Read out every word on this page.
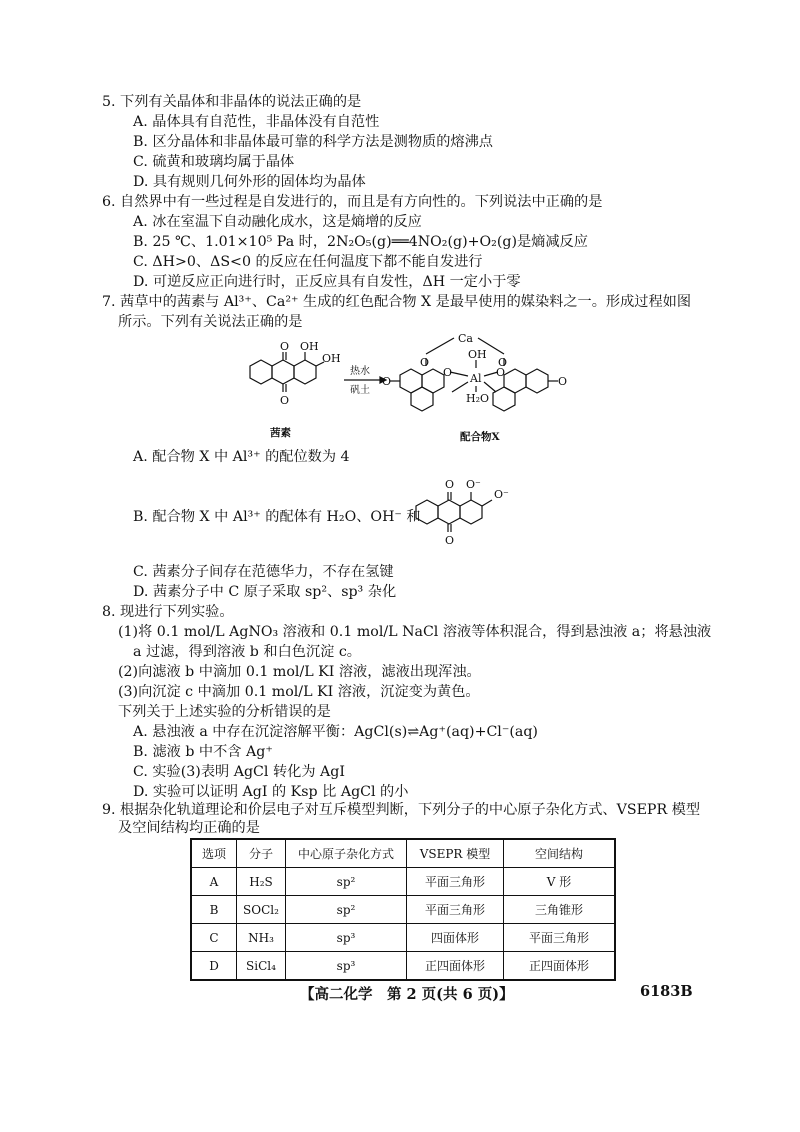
5. 下列有关晶体和非晶体的说法正确的是
A. 晶体具有自范性，非晶体没有自范性
B. 区分晶体和非晶体最可靠的科学方法是测物质的熔沸点
C. 硫黄和玻璃均属于晶体
D. 具有规则几何外形的固体均为晶体
6. 自然界中有一些过程是自发进行的，而且是有方向性的。下列说法中正确的是
A. 冰在室温下自动融化成水，这是熵增的反应
B. 25 ℃、1.01×10⁵ Pa 时，2N₂O₅(g)══4NO₂(g)+O₂(g)是熵减反应
C. ΔH>0、ΔS<0 的反应在任何温度下都不能自发进行
D. 可逆反应正向进行时，正反应具有自发性，ΔH 一定小于零
7. 茜草中的茜素与 Al³⁺、Ca²⁺ 生成的红色配合物 X 是最早使用的媒染料之一。形成过程如图
所示。下列有关说法正确的是
O
O
OH
OH
热水
矾土
Ca
O
O
O
O
OH
Al
H₂O
O	O
茜素	配合物X
A. 配合物 X 中 Al³⁺ 的配位数为 4
B. 配合物 X 中 Al³⁺ 的配体有 H₂O、OH⁻ 和
O
O
O⁻
O⁻
C. 茜素分子间存在范德华力，不存在氢键
D. 茜素分子中 C 原子采取 sp²、sp³ 杂化
8. 现进行下列实验。
(1)将 0.1 mol/L AgNO₃ 溶液和 0.1 mol/L NaCl 溶液等体积混合，得到悬浊液 a；将悬浊液
a 过滤，得到溶液 b 和白色沉淀 c。
(2)向滤液 b 中滴加 0.1 mol/L KI 溶液，滤液出现浑浊。
(3)向沉淀 c 中滴加 0.1 mol/L KI 溶液，沉淀变为黄色。
下列关于上述实验的分析错误的是
A. 悬浊液 a 中存在沉淀溶解平衡：AgCl(s)⇌Ag⁺(aq)+Cl⁻(aq)
B. 滤液 b 中不含 Ag⁺
C. 实验(3)表明 AgCl 转化为 AgI
D. 实验可以证明 AgI 的 Ksp 比 AgCl 的小
9. 根据杂化轨道理论和价层电子对互斥模型判断，下列分子的中心原子杂化方式、VSEPR 模型
及空间结构均正确的是
选项	分子	中心原子杂化方式	VSEPR 模型	空间结构
A	H₂S	sp²	平面三角形	V 形
B	SOCl₂	sp²	平面三角形	三角锥形
C	NH₃	sp³	四面体形	平面三角形
D	SiCl₄	sp³	正四面体形	正四面体形
【高二化学　第 2 页(共 6 页)】	6183B
